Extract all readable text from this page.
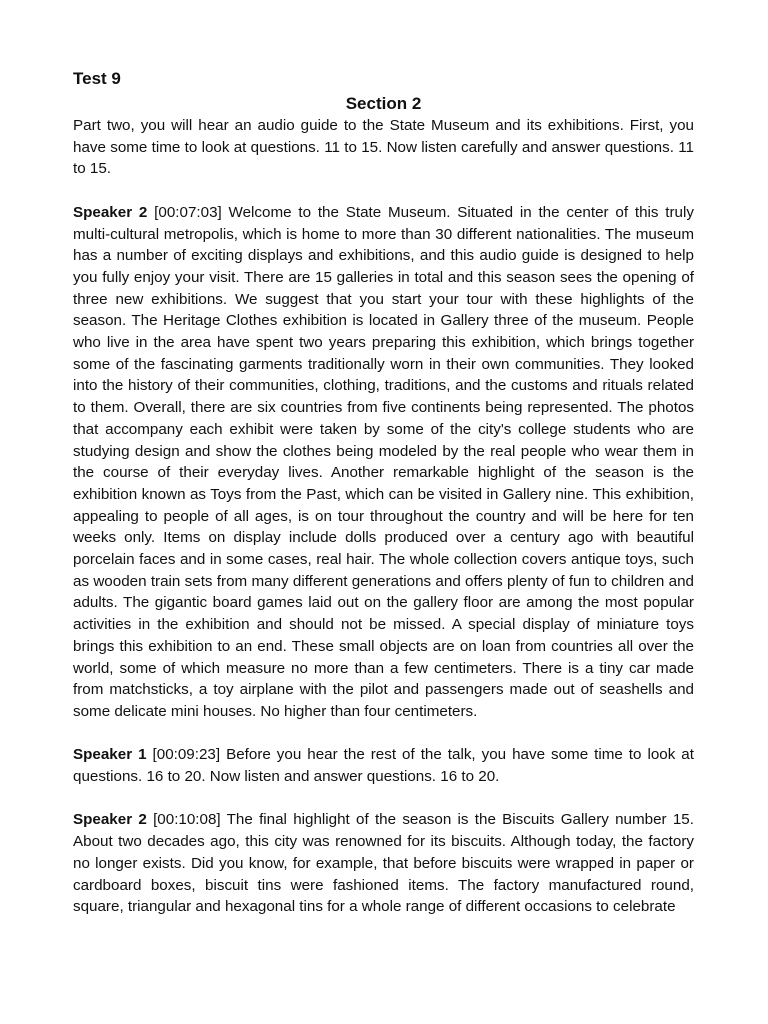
Test 9
Section 2

Part two, you will hear an audio guide to the State Museum and its exhibitions. First, you have some time to look at questions. 11 to 15. Now listen carefully and answer questions. 11 to 15.

Speaker 2 [00:07:03] Welcome to the State Museum. Situated in the center of this truly multi-cultural metropolis, which is home to more than 30 different nationalities. The museum has a number of exciting displays and exhibitions, and this audio guide is designed to help you fully enjoy your visit. There are 15 galleries in total and this season sees the opening of three new exhibitions. We suggest that you start your tour with these highlights of the season. The Heritage Clothes exhibition is located in Gallery three of the museum. People who live in the area have spent two years preparing this exhibition, which brings together some of the fascinating garments traditionally worn in their own communities. They looked into the history of their communities, clothing, traditions, and the customs and rituals related to them. Overall, there are six countries from five continents being represented. The photos that accompany each exhibit were taken by some of the city's college students who are studying design and show the clothes being modeled by the real people who wear them in the course of their everyday lives. Another remarkable highlight of the season is the exhibition known as Toys from the Past, which can be visited in Gallery nine. This exhibition, appealing to people of all ages, is on tour throughout the country and will be here for ten weeks only. Items on display include dolls produced over a century ago with beautiful porcelain faces and in some cases, real hair. The whole collection covers antique toys, such as wooden train sets from many different generations and offers plenty of fun to children and adults. The gigantic board games laid out on the gallery floor are among the most popular activities in the exhibition and should not be missed. A special display of miniature toys brings this exhibition to an end. These small objects are on loan from countries all over the world, some of which measure no more than a few centimeters. There is a tiny car made from matchsticks, a toy airplane with the pilot and passengers made out of seashells and some delicate mini houses. No higher than four centimeters.

Speaker 1 [00:09:23] Before you hear the rest of the talk, you have some time to look at questions. 16 to 20. Now listen and answer questions. 16 to 20.

Speaker 2 [00:10:08] The final highlight of the season is the Biscuits Gallery number 15. About two decades ago, this city was renowned for its biscuits. Although today, the factory no longer exists. Did you know, for example, that before biscuits were wrapped in paper or cardboard boxes, biscuit tins were fashioned items. The factory manufactured round, square, triangular and hexagonal tins for a whole range of different occasions to celebrate
